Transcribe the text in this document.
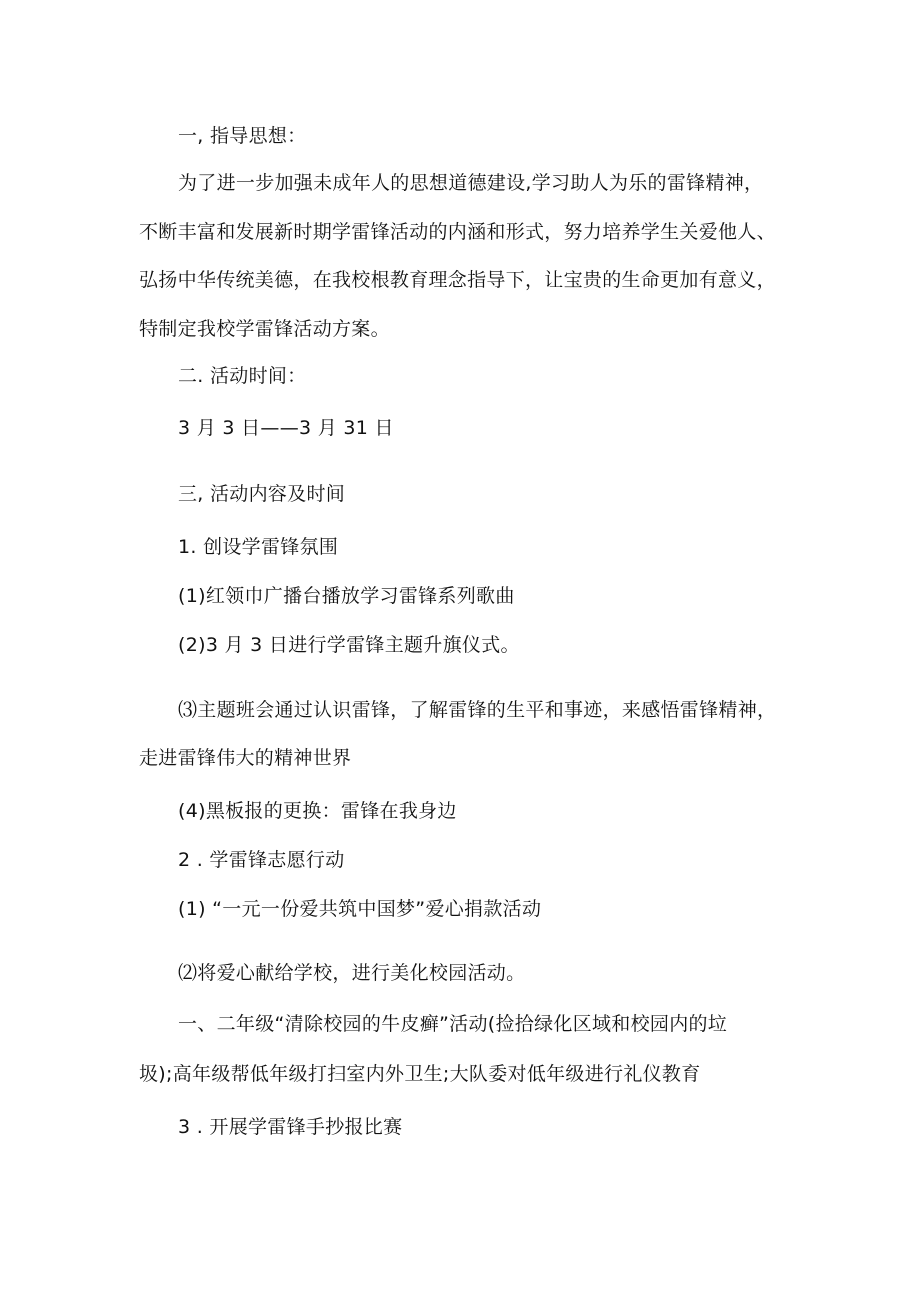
一, 指导思想：
为了进一步加强未成年人的思想道德建设,学习助人为乐的雷锋精神，
不断丰富和发展新时期学雷锋活动的内涵和形式，努力培养学生关爱他人、
弘扬中华传统美德，在我校根教育理念指导下，让宝贵的生命更加有意义，
特制定我校学雷锋活动方案。
二. 活动时间：
3 月 3 日——3 月 31 日
三, 活动内容及时间
1. 创设学雷锋氛围
(1)红领巾广播台播放学习雷锋系列歌曲
(2)3 月 3 日进行学雷锋主题升旗仪式。
⑶主题班会通过认识雷锋，了解雷锋的生平和事迹，来感悟雷锋精神，
走进雷锋伟大的精神世界
(4)黑板报的更换：雷锋在我身边
2 . 学雷锋志愿行动
(1) “一元一份爱共筑中国梦”爱心捐款活动
⑵将爱心献给学校，进行美化校园活动。
一、二年级“清除校园的牛皮癣”活动(捡拾绿化区域和校园内的垃
圾);高年级帮低年级打扫室内外卫生;大队委对低年级进行礼仪教育
3 . 开展学雷锋手抄报比赛
